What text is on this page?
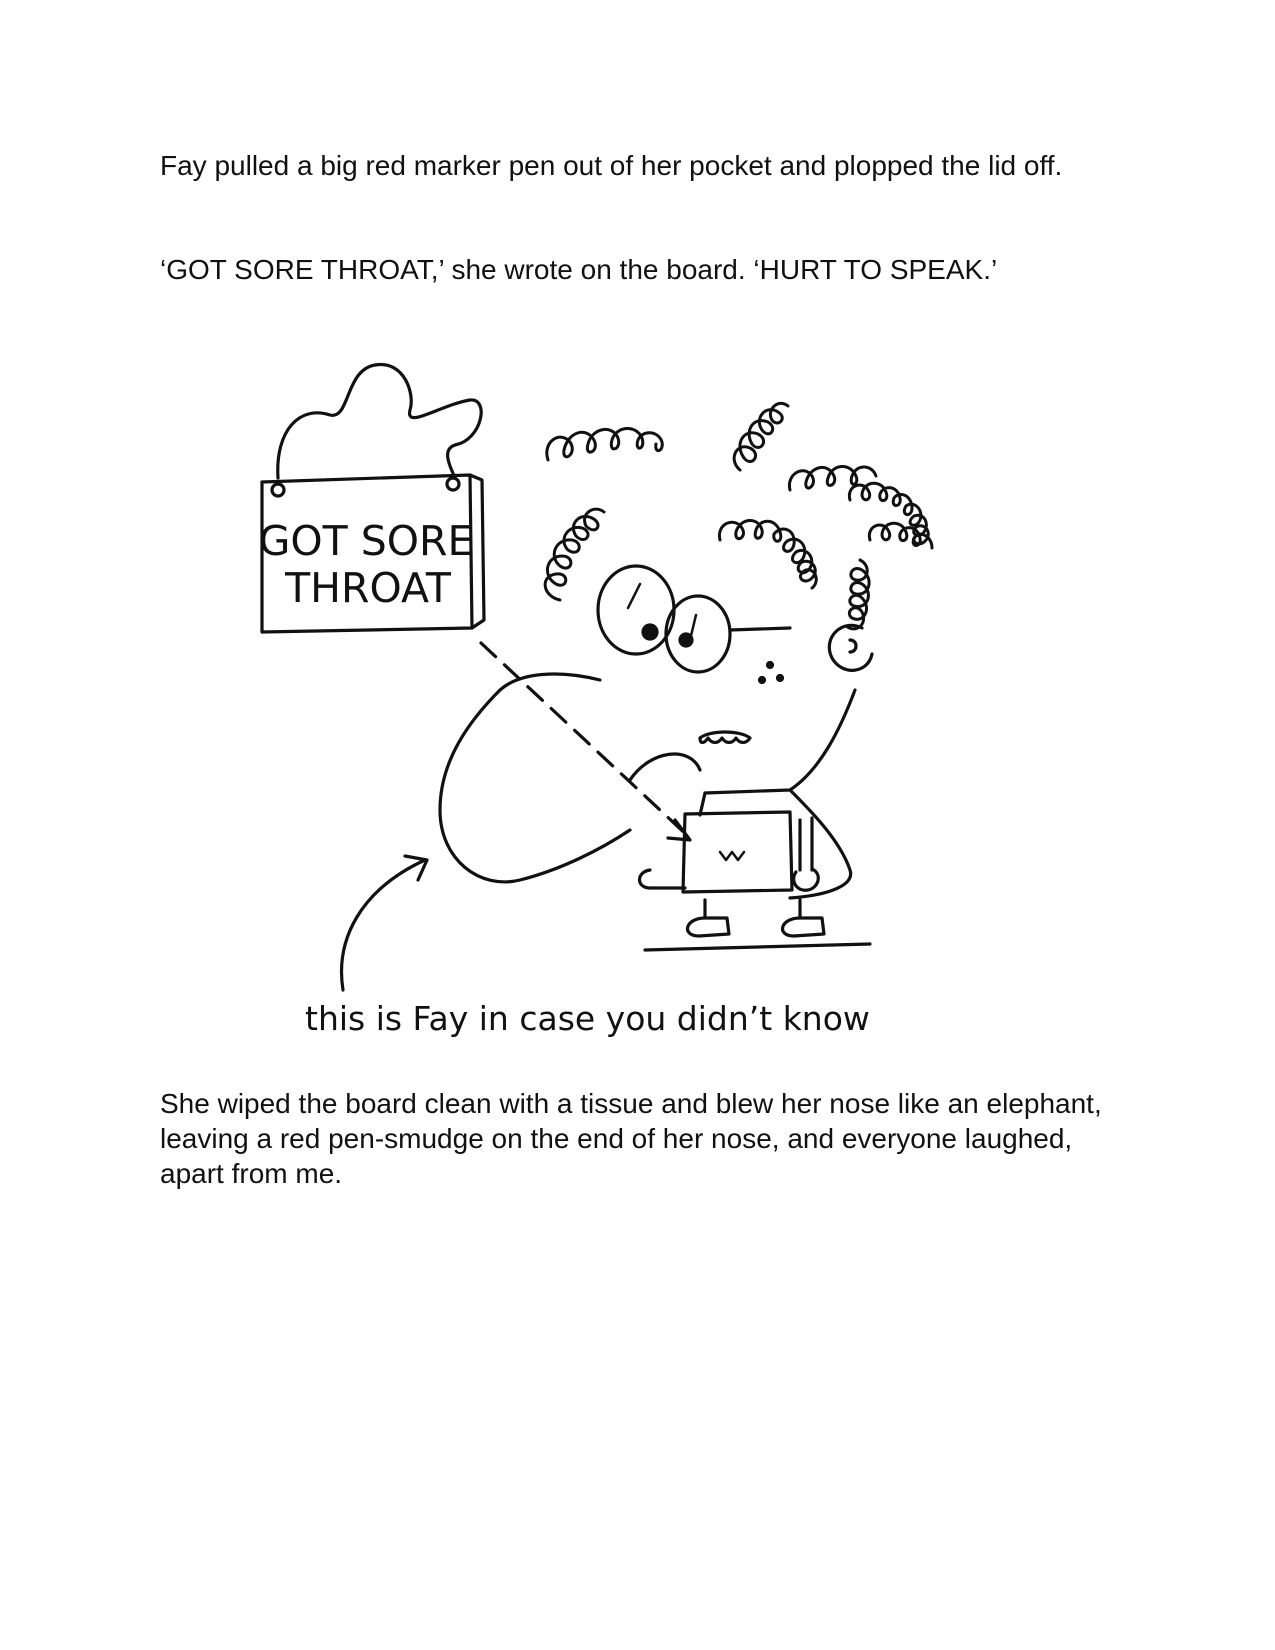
Fay pulled a big red marker pen out of her pocket and plopped the lid off.

‘GOT SORE THROAT,’ she wrote on the board. ‘HURT TO SPEAK.’

GOT SORE
THROAT
this is Fay in case you didn’t know

She wiped the board clean with a tissue and blew her nose like an elephant, leaving a red pen-smudge on the end of her nose, and everyone laughed, apart from me.
